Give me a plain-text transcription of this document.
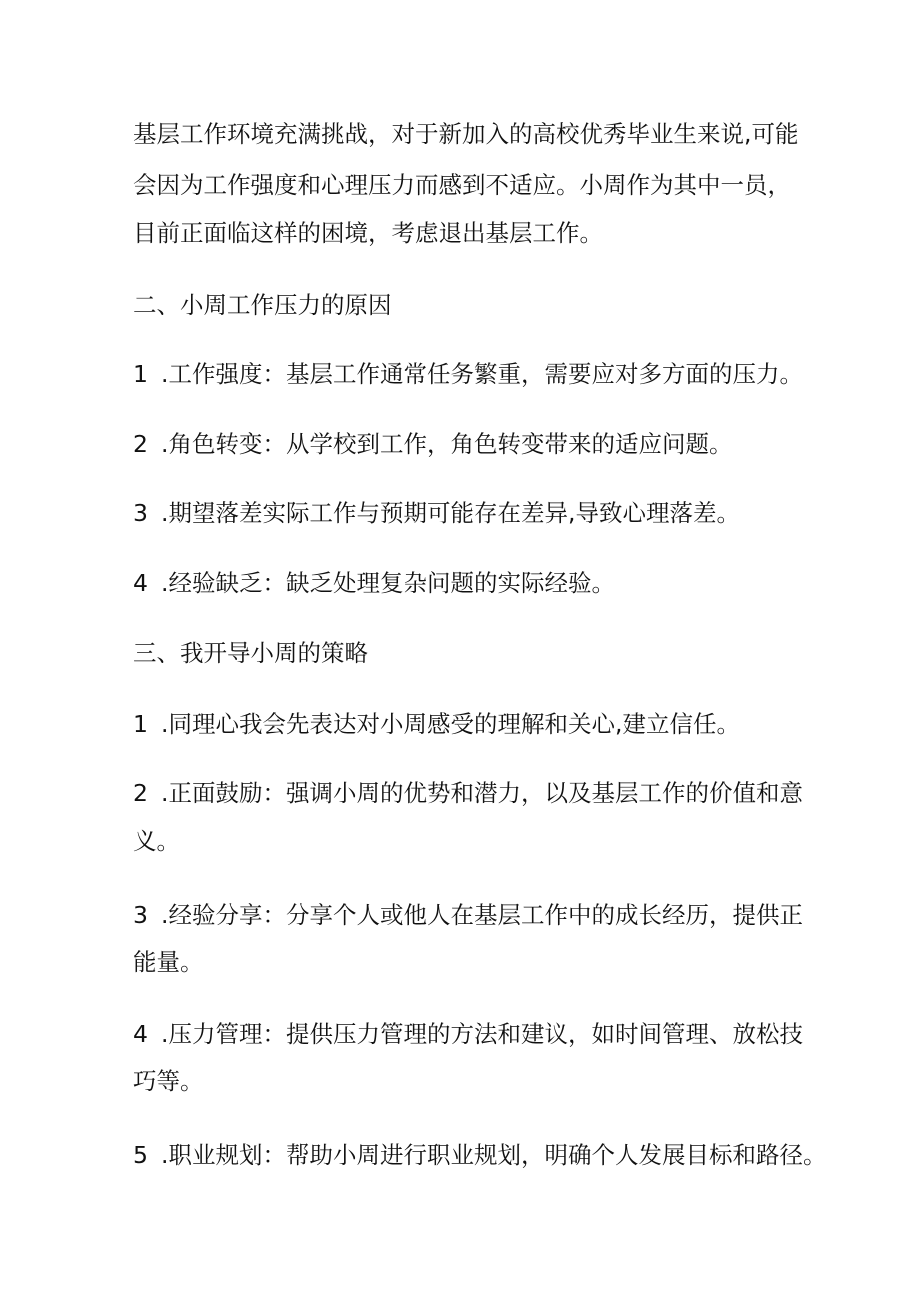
基层工作环境充满挑战，对于新加入的高校优秀毕业生来说,可能
会因为工作强度和心理压力而感到不适应。小周作为其中一员，
目前正面临这样的困境，考虑退出基层工作。
二、小周工作压力的原因
1 .工作强度：基层工作通常任务繁重，需要应对多方面的压力。
2 .角色转变：从学校到工作，角色转变带来的适应问题。
3 .期望落差实际工作与预期可能存在差异,导致心理落差。
4 .经验缺乏：缺乏处理复杂问题的实际经验。
三、我开导小周的策略
1 .同理心我会先表达对小周感受的理解和关心,建立信任。
2 .正面鼓励：强调小周的优势和潜力，以及基层工作的价值和意
义。
3 .经验分享：分享个人或他人在基层工作中的成长经历，提供正
能量。
4 .压力管理：提供压力管理的方法和建议，如时间管理、放松技
巧等。
5 .职业规划：帮助小周进行职业规划，明确个人发展目标和路径。
